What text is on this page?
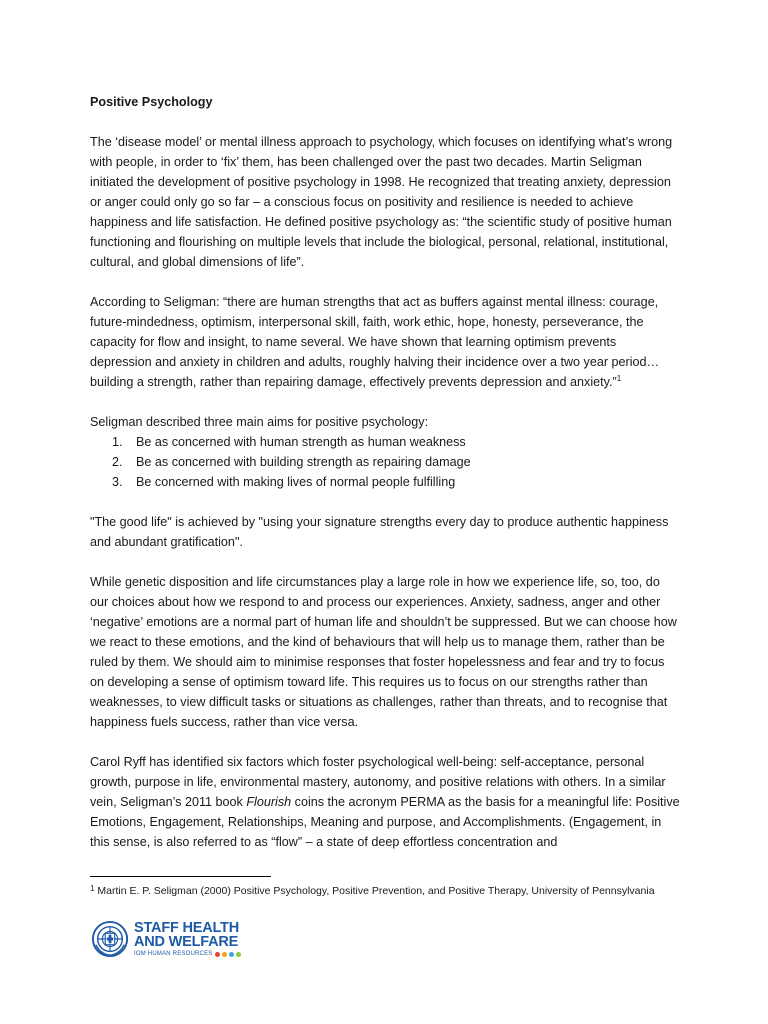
Positive Psychology

The ‘disease model’ or mental illness approach to psychology, which focuses on identifying what’s wrong with people, in order to ‘fix’ them, has been challenged over the past two decades. Martin Seligman initiated the development of positive psychology in 1998. He recognized that treating anxiety, depression or anger could only go so far – a conscious focus on positivity and resilience is needed to achieve happiness and life satisfaction. He defined positive psychology as: “the scientific study of positive human functioning and flourishing on multiple levels that include the biological, personal, relational, institutional, cultural, and global dimensions of life”.

According to Seligman: “there are human strengths that act as buffers against mental illness: courage, future-mindedness, optimism, interpersonal skill, faith, work ethic, hope, honesty, perseverance, the capacity for flow and insight, to name several. We have shown that learning optimism prevents depression and anxiety in children and adults, roughly halving their incidence over a two year period… building a strength, rather than repairing damage, effectively prevents depression and anxiety.”$^1$

Seligman described three main aims for positive psychology:

1.	Be as concerned with human strength as human weakness
2.	Be as concerned with building strength as repairing damage
3.	Be concerned with making lives of normal people fulfilling

"The good life" is achieved by "using your signature strengths every day to produce authentic happiness and abundant gratification".

While genetic disposition and life circumstances play a large role in how we experience life, so, too, do our choices about how we respond to and process our experiences. Anxiety, sadness, anger and other ‘negative’ emotions are a normal part of human life and shouldn’t be suppressed. But we can choose how we react to these emotions, and the kind of behaviours that will help us to manage them, rather than be ruled by them. We should aim to minimise responses that foster hopelessness and fear and try to focus on developing a sense of optimism toward life. This requires us to focus on our strengths rather than weaknesses, to view difficult tasks or situations as challenges, rather than threats, and to recognise that happiness fuels success, rather than vice versa.

Carol Ryff has identified six factors which foster psychological well-being: self-acceptance, personal growth, purpose in life, environmental mastery, autonomy, and positive relations with others. In a similar vein, Seligman’s 2011 book Flourish coins the acronym PERMA as the basis for a meaningful life: Positive Emotions, Engagement, Relationships, Meaning and purpose, and Accomplishments. (Engagement, in this sense, is also referred to as “flow” – a state of deep effortless concentration and

$^1$ Martin E. P. Seligman (2000) Positive Psychology, Positive Prevention, and Positive Therapy, University of Pennsylvania
STAFF HEALTH
AND WELFARE
IOM HUMAN RESOURCES
